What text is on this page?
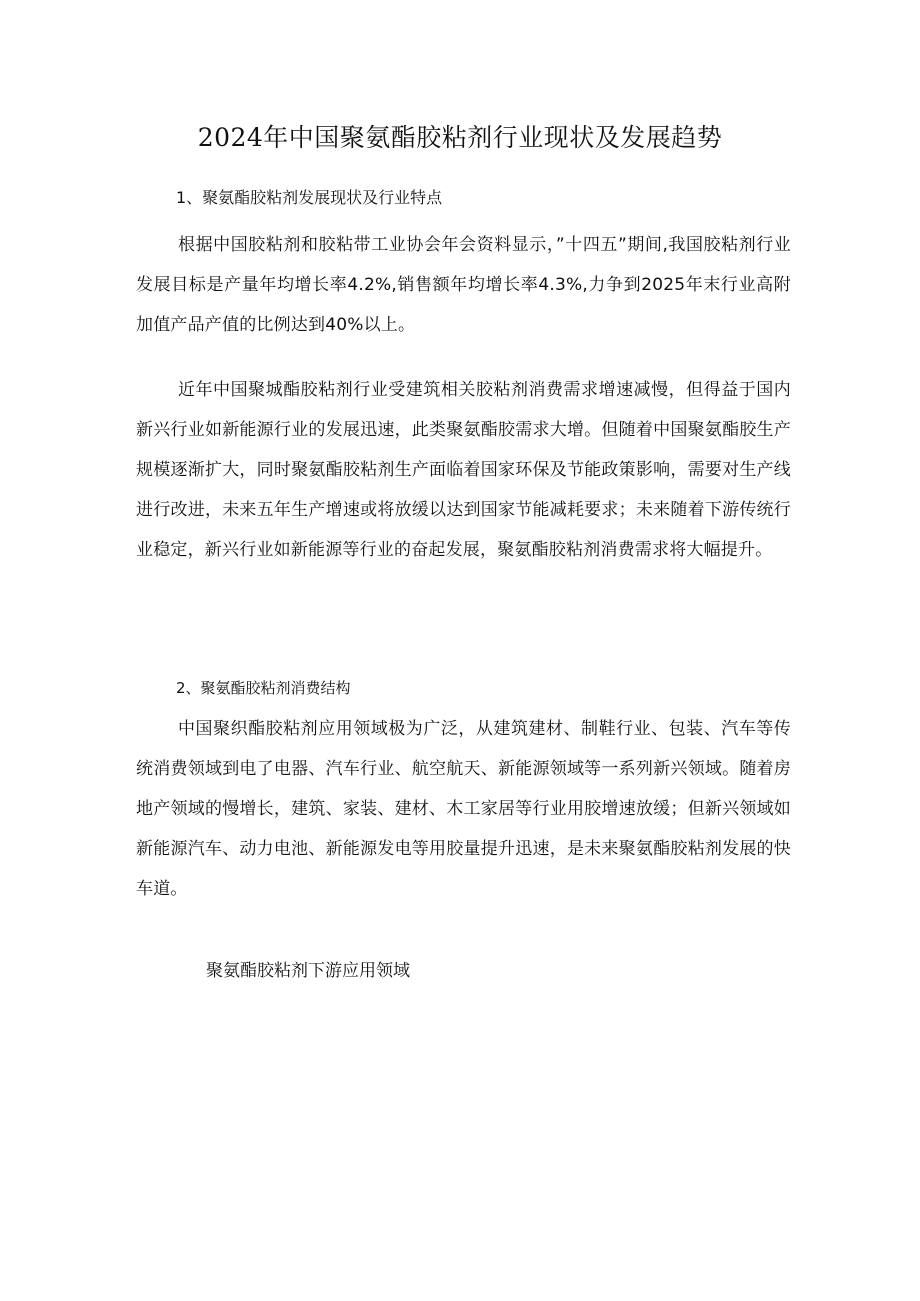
2024年中国聚氨酯胶粘剂行业现状及发展趋势
1、聚氨酯胶粘剂发展现状及行业特点

根据中国胶粘剂和胶粘带工业协会年会资料显示，”十四五”期间,我国胶粘剂行业发展目标是产量年均增长率4.2%,销售额年均增长率4.3%,力争到2025年末行业高附加值产品产值的比例达到40%以上。

近年中国聚城酯胶粘剂行业受建筑相关胶粘剂消费需求增速减慢，但得益于国内新兴行业如新能源行业的发展迅速，此类聚氨酯胶需求大增。但随着中国聚氨酯胶生产规模逐渐扩大，同时聚氨酯胶粘剂生产面临着国家环保及节能政策影响，需要对生产线进行改进，未来五年生产增速或将放缓以达到国家节能减耗要求；未来随着下游传统行业稳定，新兴行业如新能源等行业的奋起发展，聚氨酯胶粘剂消费需求将大幅提升。

2、聚氨酯胶粘剂消费结构

中国聚织酯胶粘剂应用领域极为广泛，从建筑建材、制鞋行业、包装、汽车等传统消费领域到电了电器、汽车行业、航空航天、新能源领域等一系列新兴领域。随着房地产领域的慢增长，建筑、家装、建材、木工家居等行业用胶增速放缓；但新兴领域如新能源汽车、动力电池、新能源发电等用胶量提升迅速，是未来聚氨酯胶粘剂发展的快车道。

聚氨酯胶粘剂下游应用领域
